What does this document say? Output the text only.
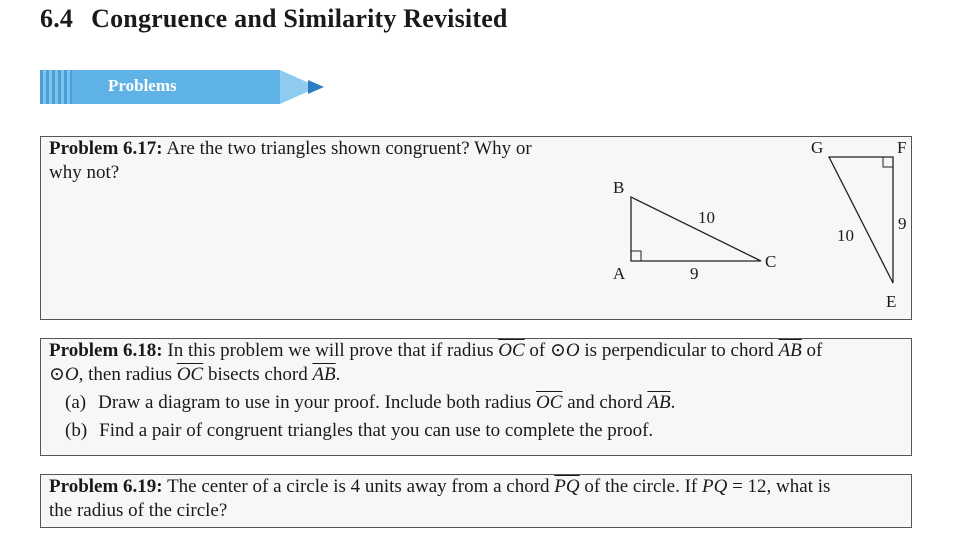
6.4 Congruence and Similarity Revisited
Problems
Problem 6.17: Are the two triangles shown congruent? Why or
why not?
B
A
C
9
10
G	F
E
10
9
Problem 6.18: In this problem we will prove that if radius $\overline{OC}$ of ⊙O is perpendicular to chord $\overline{AB}$ of
⊙O, then radius $\overline{OC}$ bisects chord $\overline{AB}$.
(a) Draw a diagram to use in your proof. Include both radius $\overline{OC}$ and chord $\overline{AB}$.
(b) Find a pair of congruent triangles that you can use to complete the proof.
Problem 6.19: The center of a circle is 4 units away from a chord $\overline{PQ}$ of the circle. If PQ = 12, what is
the radius of the circle?
